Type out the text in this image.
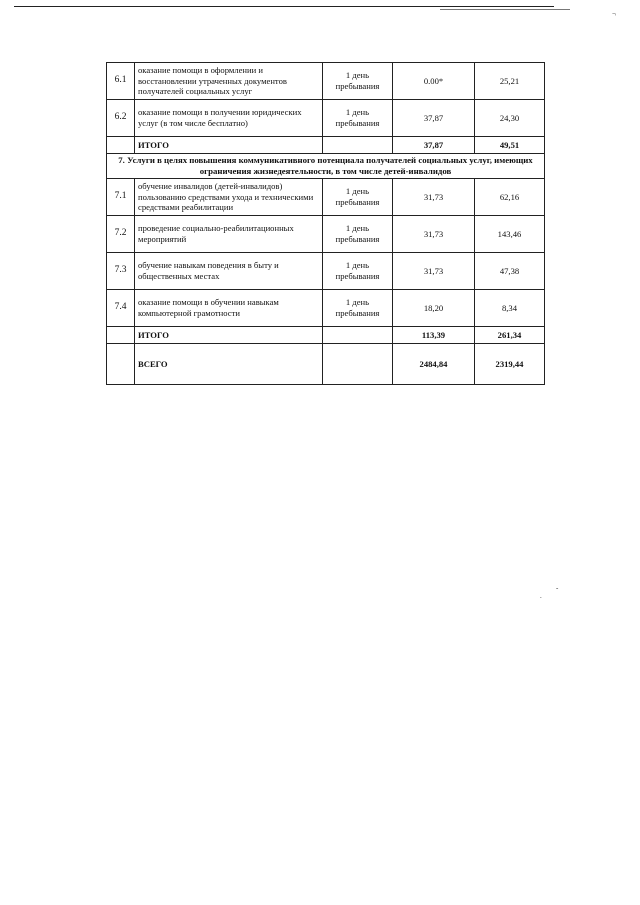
¬
-
.
6.1	оказание помощи в оформлении и восстановлении утраченных документов получателей социальных услуг	1 день пребывания	0.00*	25,21
6.2	оказание помощи в получении юридических услуг (в том числе бесплатно)	1 день пребывания	37,87	24,30
	ИТОГО		37,87	49,51
7. Услуги в целях повышения коммуникативного потенциала получателей социальных услуг, имеющих ограничения жизнедеятельности, в том числе детей-инвалидов				
7.1	обучение инвалидов (детей-инвалидов) пользованию средствами ухода и техническими средствами реабилитации	1 день пребывания	31,73	62,16
7.2	проведение социально-реабилитационных мероприятий	1 день пребывания	31,73	143,46
7.3	обучение навыкам поведения в быту и общественных местах	1 день пребывания	31,73	47,38
7.4	оказание помощи в обучении навыкам компьютерной грамотности	1 день пребывания	18,20	8,34
	ИТОГО		113,39	261,34
	ВСЕГО		2484,84	2319,44
